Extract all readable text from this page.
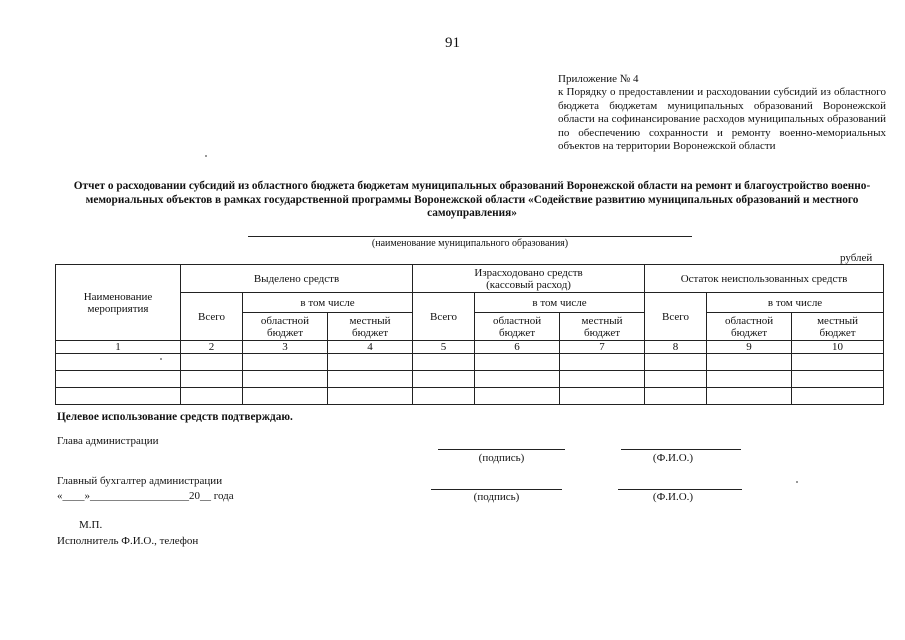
91
Приложение № 4
к Порядку о предоставлении и расходовании субсидий из областного бюджета бюджетам муниципальных образований Воронежской области на софинансирование расходов муниципальных образований по обеспечению сохранности и ремонту военно-мемориальных объектов на территории Воронежской области
Отчет о расходовании субсидий из областного бюджета бюджетам муниципальных образований Воронежской области на ремонт и благоустройство военно-мемориальных объектов в рамках государственной программы Воронежской области «Содействие развитию муниципальных образований и местного самоуправления»
(наименование муниципального образования)
рублей
Наименование мероприятия	Выделено средств			Израсходовано средств (кассовый расход)			Остаток неиспользованных средств		
	Всего	в том числе		Всего	в том числе		Всего	в том числе	
		областной бюджет	местный бюджет		областной бюджет	местный бюджет		областной бюджет	местный бюджет
1	2	3	4	5	6	7	8	9	10

Целевое использование средств подтверждаю.
Глава администрации
(подпись)	(Ф.И.О.)
Главный бухгалтер администрации
«____»__________________20__ года	(подпись)	(Ф.И.О.)
М.П.
Исполнитель Ф.И.О., телефон
